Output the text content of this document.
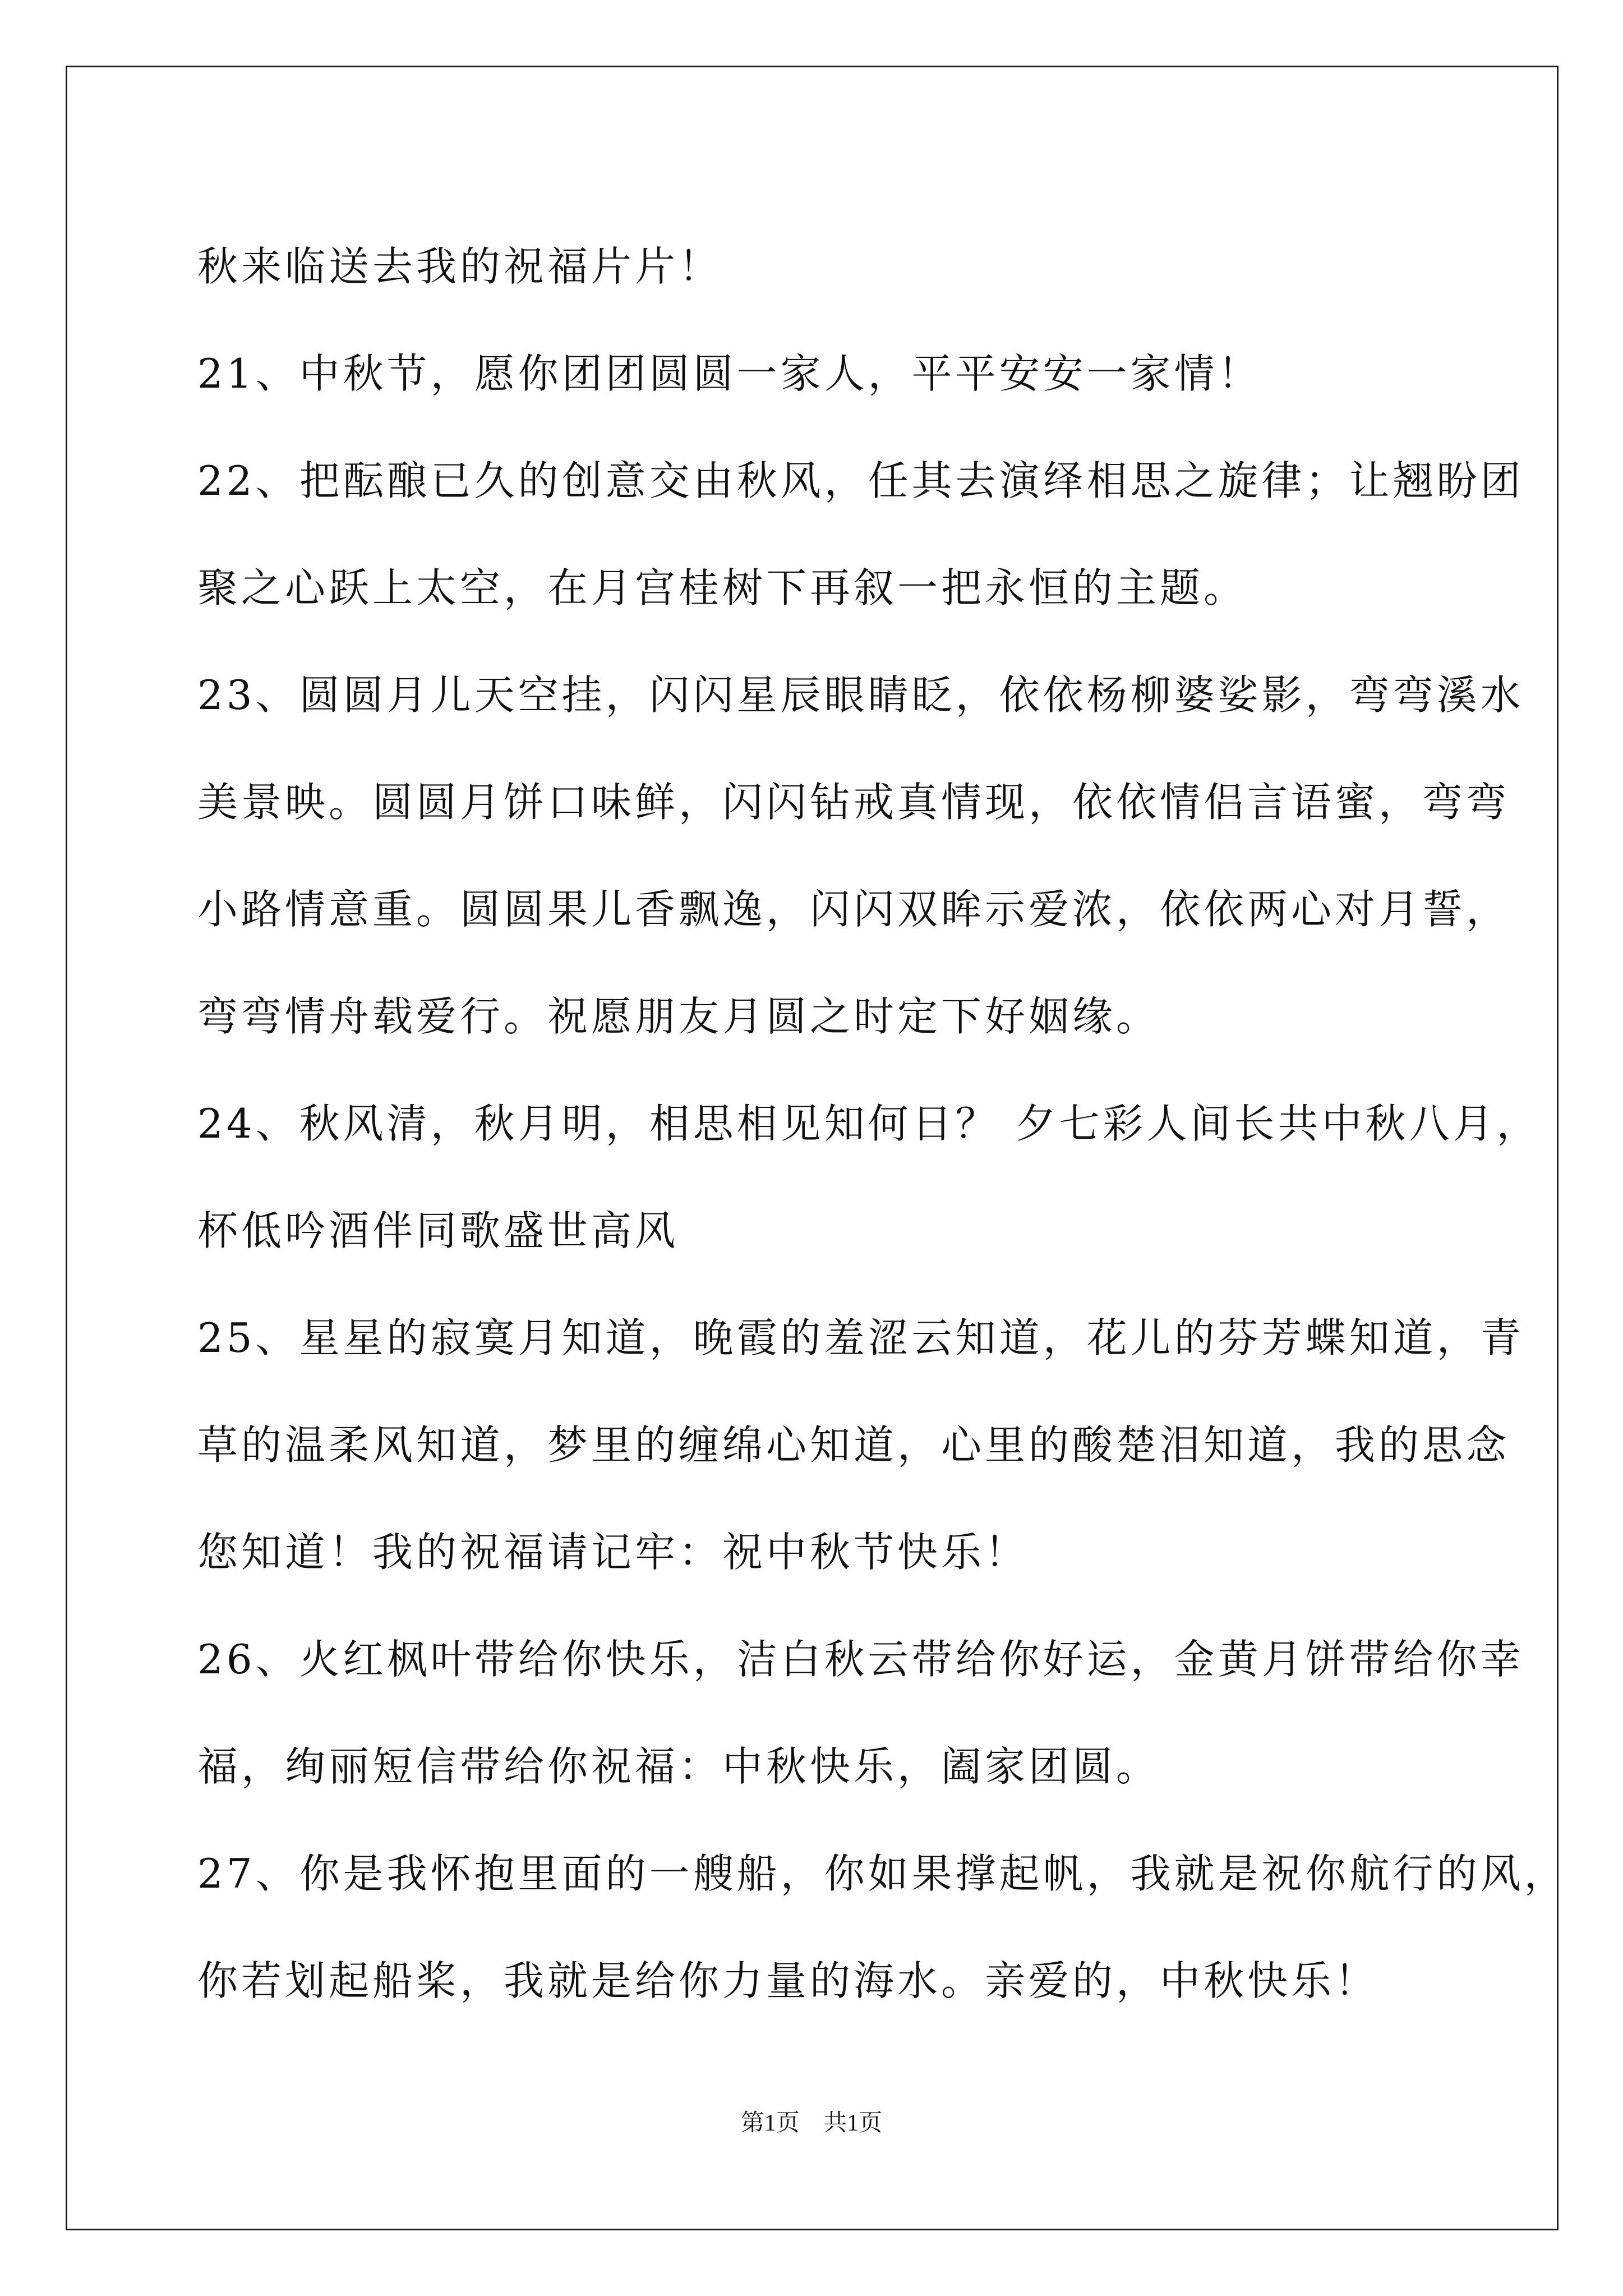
秋来临送去我的祝福片片！

21、中秋节，愿你团团圆圆一家人，平平安安一家情！

22、把酝酿已久的创意交由秋风，任其去演绎相思之旋律；让翘盼团

聚之心跃上太空，在月宫桂树下再叙一把永恒的主题。

23、圆圆月儿天空挂，闪闪星辰眼睛眨，依依杨柳婆娑影，弯弯溪水

美景映。圆圆月饼口味鲜，闪闪钻戒真情现，依依情侣言语蜜，弯弯

小路情意重。圆圆果儿香飘逸，闪闪双眸示爱浓，依依两心对月誓，

弯弯情舟载爱行。祝愿朋友月圆之时定下好姻缘。

24、秋风清，秋月明，相思相见知何日？ 夕七彩人间长共中秋八月，

杯低吟酒伴同歌盛世高风

25、星星的寂寞月知道，晚霞的羞涩云知道，花儿的芬芳蝶知道，青

草的温柔风知道，梦里的缠绵心知道，心里的酸楚泪知道，我的思念

您知道！我的祝福请记牢：祝中秋节快乐！

26、火红枫叶带给你快乐，洁白秋云带给你好运，金黄月饼带给你幸

福，绚丽短信带给你祝福：中秋快乐，阖家团圆。

27、你是我怀抱里面的一艘船，你如果撑起帆，我就是祝你航行的风，

你若划起船桨，我就是给你力量的海水。亲爱的，中秋快乐！

第1页 共1页
